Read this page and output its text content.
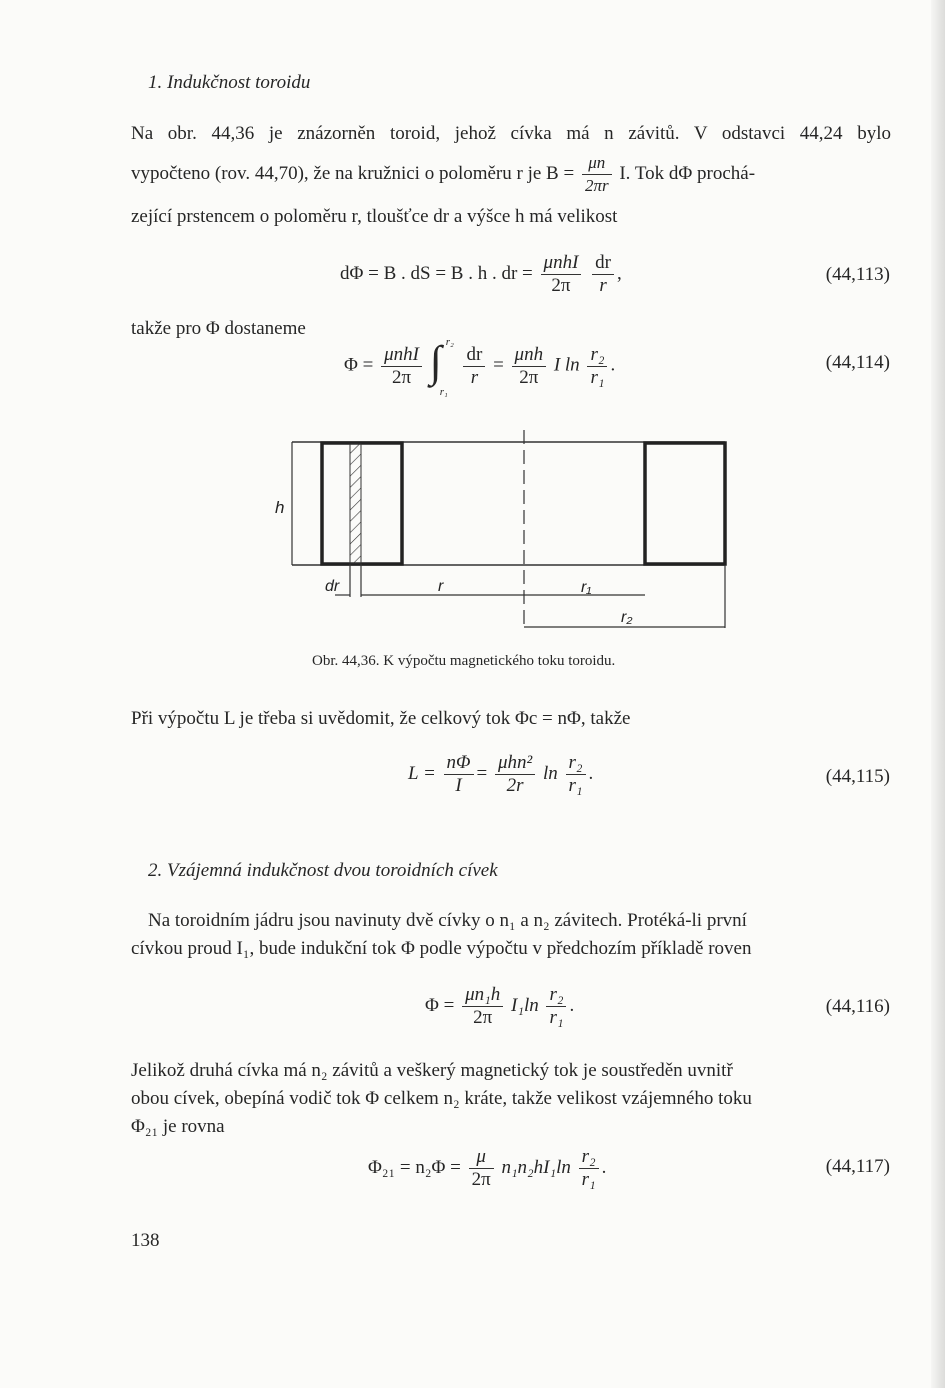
1. Indukčnost toroidu
Na obr. 44,36 je znázorněn toroid, jehož cívka má n závitů. V odstavci 44,24 bylo
vypočteno (rov. 44,70), že na kružnici o poloměru r je $B = \frac{\mu n}{2\pi r} I$. Tok dΦ prochá-
zející prstencem o poloměru r, tloušťce dr a výšce h má velikost
dΦ = B . dS = B . h . dr = $\frac{\text{μnhI}}{2\pi}$
$\frac{dr}{r}$ ,	(44,113)
takže pro Φ dostaneme
$\Phi = \frac{\text{μnhI}}{2\pi}$
∫ r₂
r₁

$\frac{dr}{r} = \frac{\text{μnh}}{2\pi}$ I $\ln \frac{\text{r₂}}{\text{r₁}}$ .	(44,114)
h
dr	r	r₁
r₂
Obr. 44,36. K výpočtu magnetického toku toroidu.
Při výpočtu L je třeba si uvědomit, že celkový tok Φc = nΦ, takže
$L = \frac{n\Phi}{I} = \frac{\text{μhn²}}{2r}$ $\ln \frac{\text{r₂}}{\text{r₁}}$ .	(44,115)
2. Vzájemná indukčnost dvou toroidních cívek
Na toroidním jádru jsou navinuty dvě cívky o n₁ a n₂ závitech. Protéká-li první
cívkou proud I₁, bude indukční tok Φ podle výpočtu v předchozím příkladě roven
$\Phi = \frac{\text{μn₁h}}{2\pi} I_1\ln \frac{\text{r₂}}{\text{r₁}}$ .	(44,116)
Jelikož druhá cívka má n₂ závitů a veškerý magnetický tok je soustředěn uvnitř
obou cívek, obepíná vodič tok Φ celkem n₂ kráte, takže velikost vzájemného toku
Φ₂₁ je rovna
$\Phi_{21} = n_2\Phi = \frac{\mu}{2\pi} n_1n_2hI_1\ln \frac{\text{r₂}}{\text{r₁}}$ .	(44,117)
138
